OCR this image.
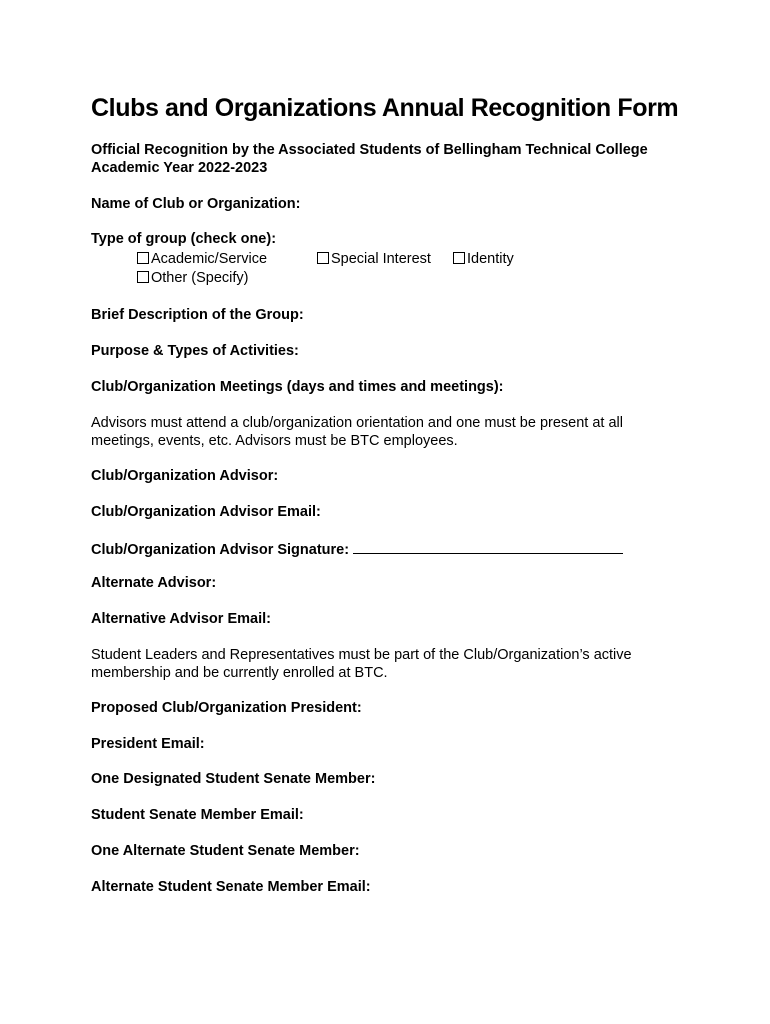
Clubs and Organizations Annual Recognition Form
Official Recognition by the Associated Students of Bellingham Technical College
Academic Year 2022-2023
Name of Club or Organization:
Type of group (check one):
Academic/Service	Special Interest	Identity
Other (Specify)
Brief Description of the Group:
Purpose & Types of Activities:
Club/Organization Meetings (days and times and meetings):
Advisors must attend a club/organization orientation and one must be present at all
meetings, events, etc. Advisors must be BTC employees.
Club/Organization Advisor:
Club/Organization Advisor Email:
Club/Organization Advisor Signature:
Alternate Advisor:
Alternative Advisor Email:
Student Leaders and Representatives must be part of the Club/Organization’s active
membership and be currently enrolled at BTC.
Proposed Club/Organization President:
President Email:
One Designated Student Senate Member:
Student Senate Member Email:
One Alternate Student Senate Member:
Alternate Student Senate Member Email:
